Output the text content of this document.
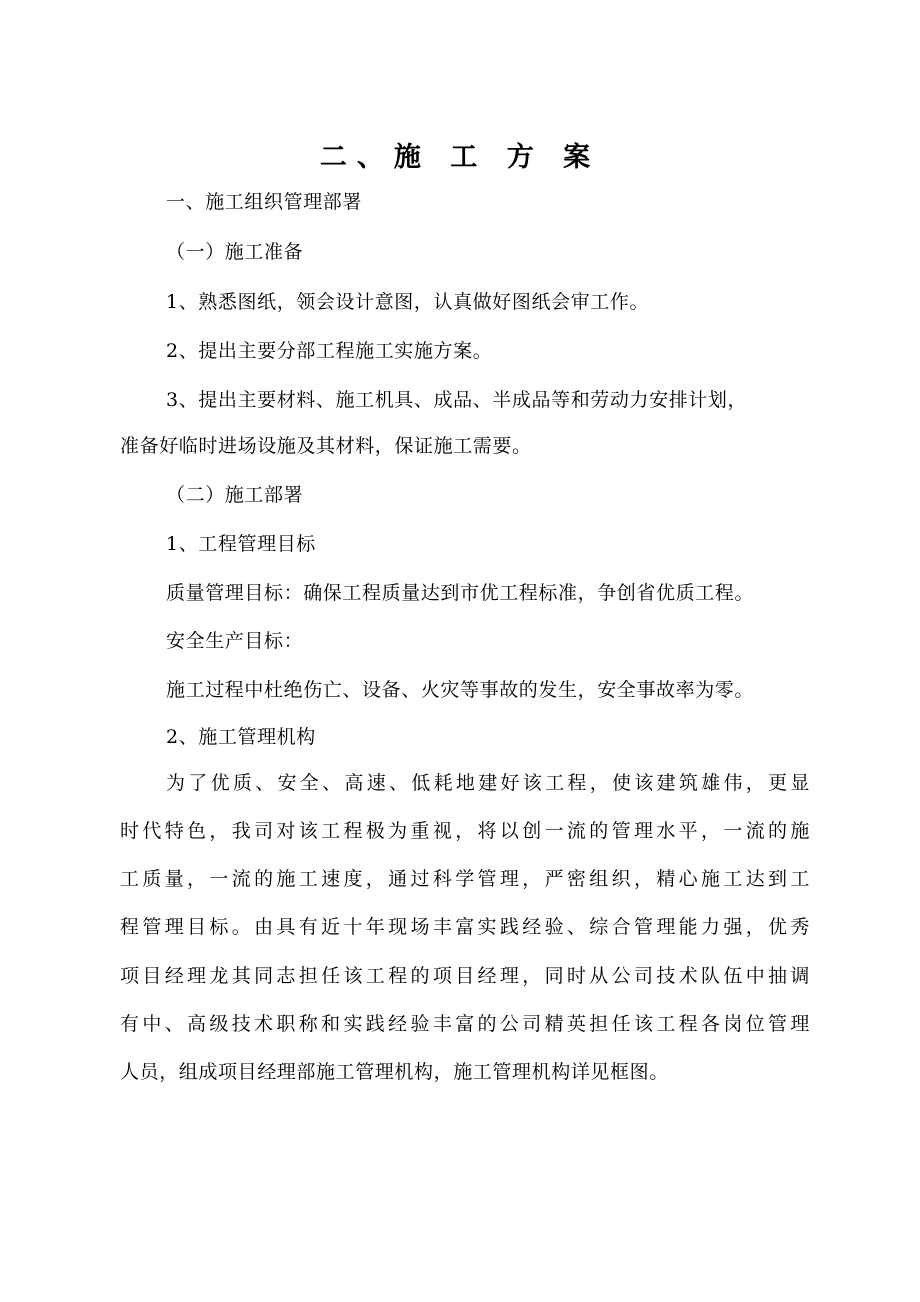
二、施 工 方 案
一、施工组织管理部署
（一）施工准备
1、熟悉图纸，领会设计意图，认真做好图纸会审工作。
2、提出主要分部工程施工实施方案。
3、提出主要材料、施工机具、成品、半成品等和劳动力安排计划，
准备好临时进场设施及其材料，保证施工需要。
（二）施工部署
1、工程管理目标
质量管理目标：确保工程质量达到市优工程标准，争创省优质工程。
安全生产目标：
施工过程中杜绝伤亡、设备、火灾等事故的发生，安全事故率为零。
2、施工管理机构
为了优质、安全、高速、低耗地建好该工程，使该建筑雄伟，更显
时代特色，我司对该工程极为重视，将以创一流的管理水平，一流的施
工质量，一流的施工速度，通过科学管理，严密组织，精心施工达到工
程管理目标。由具有近十年现场丰富实践经验、综合管理能力强，优秀
项目经理龙其同志担任该工程的项目经理，同时从公司技术队伍中抽调
有中、高级技术职称和实践经验丰富的公司精英担任该工程各岗位管理
人员，组成项目经理部施工管理机构，施工管理机构详见框图。
